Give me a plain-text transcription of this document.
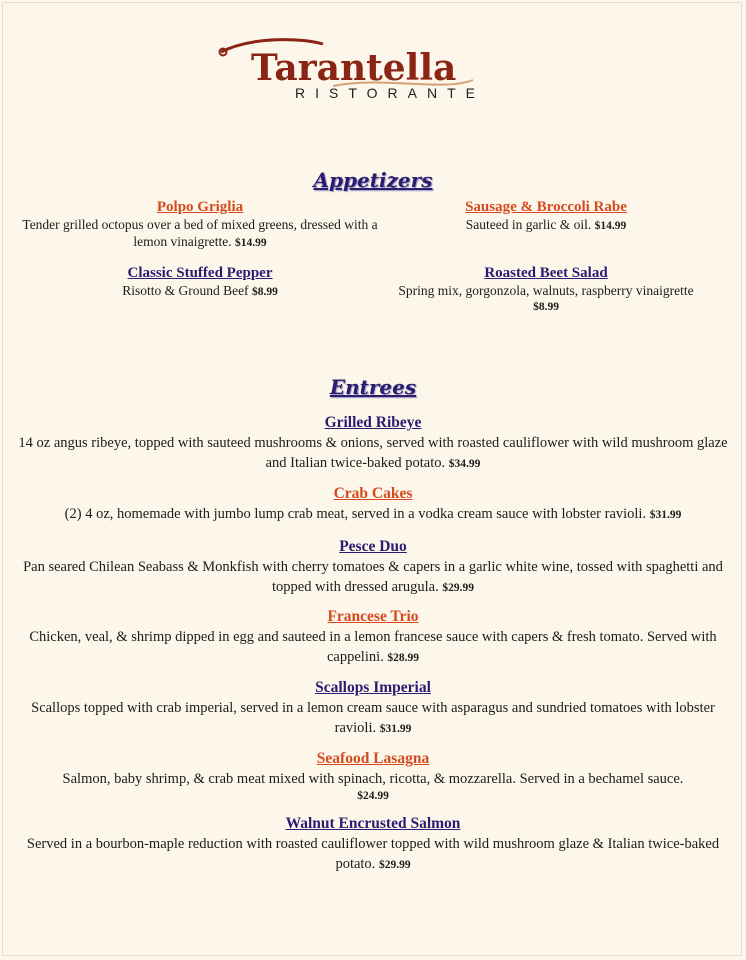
Tarantella
RISTORANTE
Appetizers
Polpo Griglia
Tender grilled octopus over a bed of mixed greens, dressed with a lemon vinaigrette. $14.99
Sausage & Broccoli Rabe
Sauteed in garlic & oil. $14.99
Classic Stuffed Pepper
Risotto & Ground Beef $8.99
Roasted Beet Salad
Spring mix, gorgonzola, walnuts, raspberry vinaigrette
$8.99
Entrees
Grilled Ribeye
14 oz angus ribeye, topped with sauteed mushrooms & onions, served with roasted cauliflower with wild mushroom glaze and Italian twice-baked potato. $34.99
Crab Cakes
(2) 4 oz, homemade with jumbo lump crab meat, served in a vodka cream sauce with lobster ravioli. $31.99
Pesce Duo
Pan seared Chilean Seabass & Monkfish with cherry tomatoes & capers in a garlic white wine, tossed with spaghetti and topped with dressed arugula. $29.99
Francese Trio
Chicken, veal, & shrimp dipped in egg and sauteed in a lemon francese sauce with capers & fresh tomato. Served with cappelini. $28.99
Scallops Imperial
Scallops topped with crab imperial, served in a lemon cream sauce with asparagus and sundried tomatoes with lobster ravioli. $31.99
Seafood Lasagna
Salmon, baby shrimp, & crab meat mixed with spinach, ricotta, & mozzarella. Served in a bechamel sauce.
$24.99
Walnut Encrusted Salmon
Served in a bourbon-maple reduction with roasted cauliflower topped with wild mushroom glaze & Italian twice-baked potato. $29.99
